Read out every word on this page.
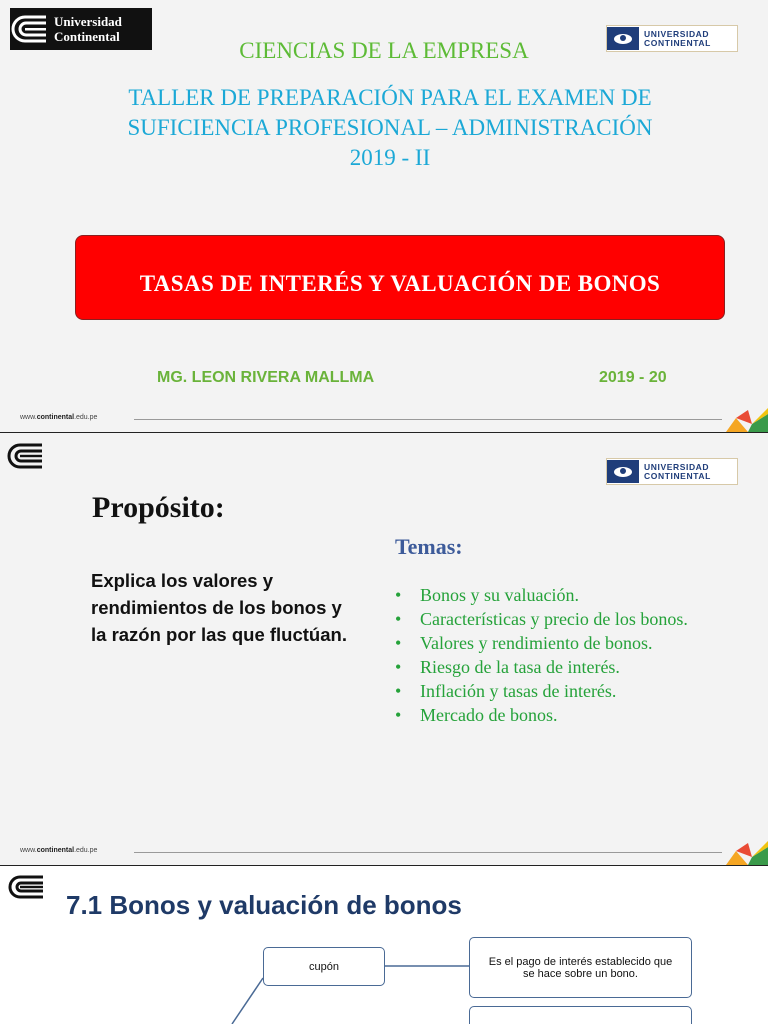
Universidad
Continental	UNIVERSIDAD
CONTINENTAL
CIENCIAS DE LA EMPRESA
TALLER DE PREPARACIÓN PARA EL EXAMEN DE
SUFICIENCIA PROFESIONAL – ADMINISTRACIÓN
2019 - II
TASAS DE INTERÉS Y VALUACIÓN DE BONOS
MG. LEON RIVERA MALLMA	2019 - 20
www.continental.edu.pe
UNIVERSIDAD
CONTINENTAL
Propósito:
Explica los valores y rendimientos de los bonos y la razón por las que fluctúan.
Temas:
• Bonos y su valuación.
• Características y precio de los bonos.
• Valores y rendimiento de bonos.
• Riesgo de la tasa de interés.
• Inflación y tasas de interés.
• Mercado de bonos.
www.continental.edu.pe
7.1 Bonos y valuación de bonos
cupón	Es el pago de interés establecido que se hace sobre un bono.
